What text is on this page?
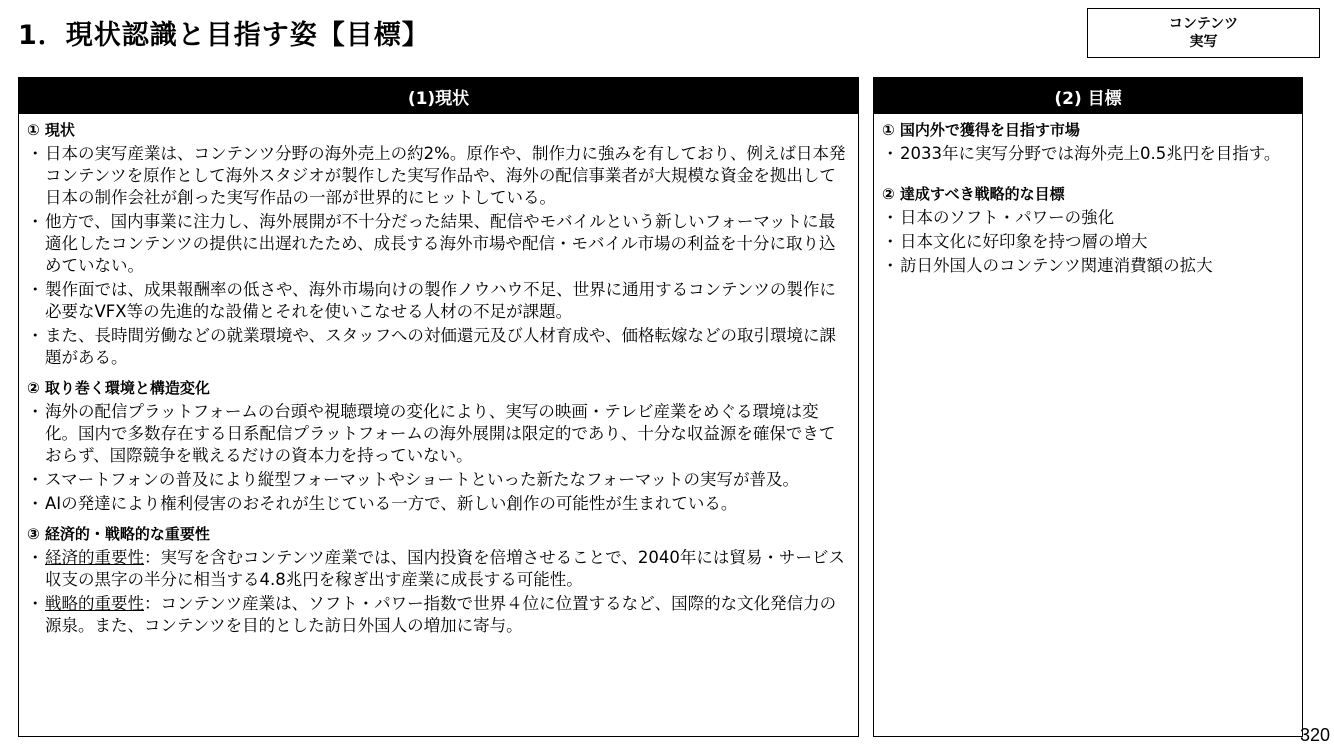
1．現状認識と目指す姿【目標】	コンテンツ
実写
(1)現状
① 現状
・ 日本の実写産業は、コンテンツ分野の海外売上の約2%。原作や、制作力に強みを有しており、例えば日本発コンテンツを原作として海外スタジオが製作した実写作品や、海外の配信事業者が大規模な資金を拠出して日本の制作会社が創った実写作品の一部が世界的にヒットしている。
・ 他方で、国内事業に注力し、海外展開が不十分だった結果、配信やモバイルという新しいフォーマットに最適化したコンテンツの提供に出遅れたため、成長する海外市場や配信・モバイル市場の利益を十分に取り込めていない。
・ 製作面では、成果報酬率の低さや、海外市場向けの製作ノウハウ不足、世界に通用するコンテンツの製作に必要なVFX等の先進的な設備とそれを使いこなせる人材の不足が課題。
・ また、長時間労働などの就業環境や、スタッフへの対価還元及び人材育成や、価格転嫁などの取引環境に課題がある。
② 取り巻く環境と構造変化
・ 海外の配信プラットフォームの台頭や視聴環境の変化により、実写の映画・テレビ産業をめぐる環境は変化。国内で多数存在する日系配信プラットフォームの海外展開は限定的であり、十分な収益源を確保できておらず、国際競争を戦えるだけの資本力を持っていない。
・ スマートフォンの普及により縦型フォーマットやショートといった新たなフォーマットの実写が普及。
・ AIの発達により権利侵害のおそれが生じている一方で、新しい創作の可能性が生まれている。
③ 経済的・戦略的な重要性
・ 経済的重要性：実写を含むコンテンツ産業では、国内投資を倍増させることで、2040年には貿易・サービス収支の黒字の半分に相当する4.8兆円を稼ぎ出す産業に成長する可能性。
・ 戦略的重要性：コンテンツ産業は、ソフト・パワー指数で世界４位に位置するなど、国際的な文化発信力の源泉。また、コンテンツを目的とした訪日外国人の増加に寄与。
(2) 目標
① 国内外で獲得を目指す市場
・ 2033年に実写分野では海外売上0.5兆円を目指す。
② 達成すべき戦略的な目標
・ 日本のソフト・パワーの強化
・ 日本文化に好印象を持つ層の増大
・ 訪日外国人のコンテンツ関連消費額の拡大
320
